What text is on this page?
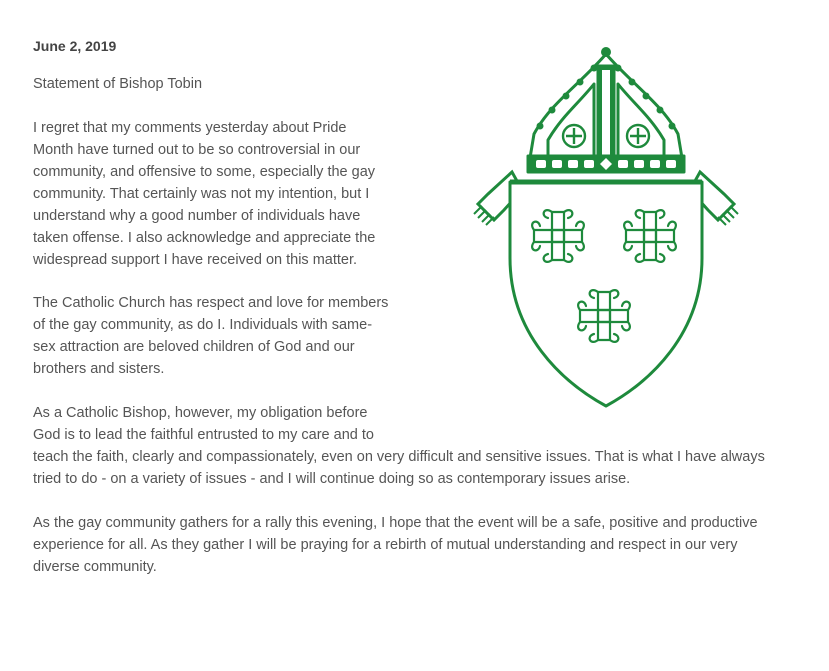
June 2, 2019
Statement of Bishop Tobin

I regret that my comments yesterday about Pride
Month have turned out to be so controversial in our
community, and offensive to some, especially the gay
community. That certainly was not my intention, but I
understand why a good number of individuals have
taken offense. I also acknowledge and appreciate the
widespread support I have received on this matter.

The Catholic Church has respect and love for members
of the gay community, as do I. Individuals with same-
sex attraction are beloved children of God and our
brothers and sisters.

As a Catholic Bishop, however, my obligation before
God is to lead the faithful entrusted to my care and to
teach the faith, clearly and compassionately, even on very difficult and sensitive issues. That is what I have always
tried to do - on a variety of issues - and I will continue doing so as contemporary issues arise.

As the gay community gathers for a rally this evening, I hope that the event will be a safe, positive and productive
experience for all. As they gather I will be praying for a rebirth of mutual understanding and respect in our very
diverse community.
